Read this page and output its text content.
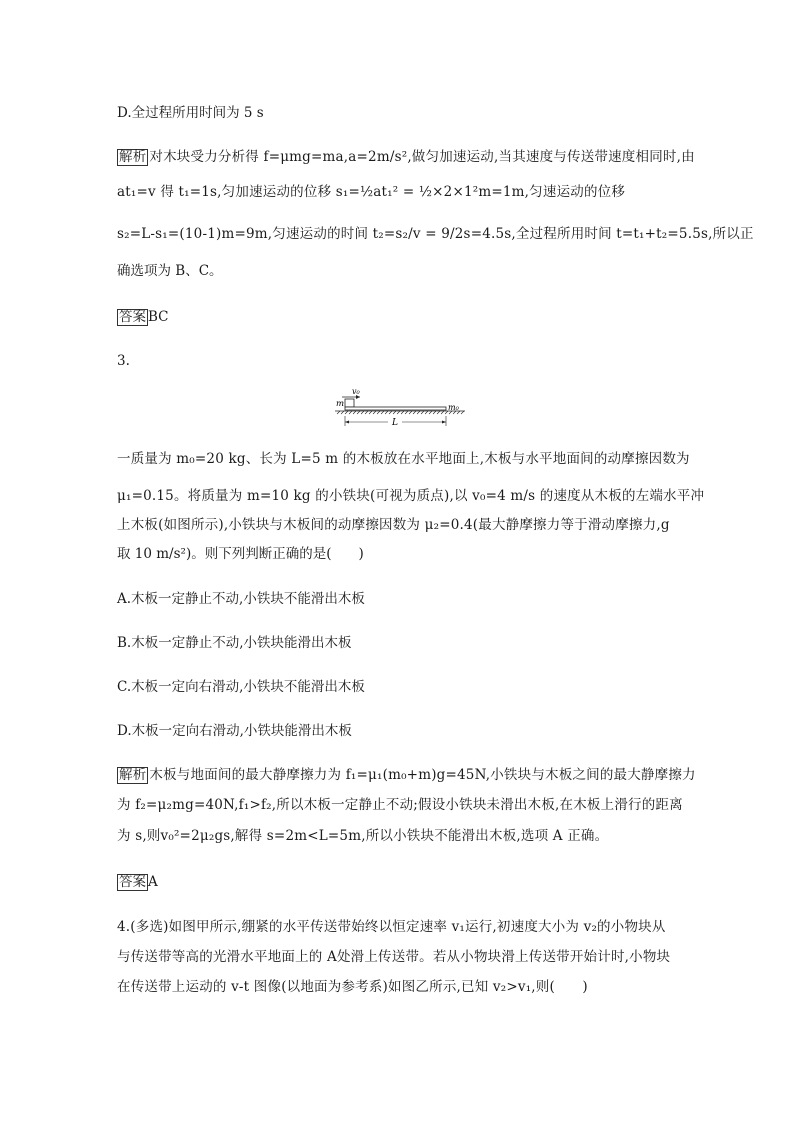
D.全过程所用时间为 5 s
解析 对木块受力分析得 f=μmg=ma,a=2m/s²,做匀加速运动,当其速度与传送带速度相同时,由
at₁=v 得 t₁=1s,匀加速运动的位移 s₁=½at₁² = ½×2×1²m=1m,匀速运动的位移
s₂=L-s₁=(10-1)m=9m,匀速运动的时间 t₂=s₂/v = 9/2s=4.5s,全过程所用时间 t=t₁+t₂=5.5s,所以正
确选项为 B、C。
答案 BC
3.
v₀
m	m₀
L
一质量为 m₀=20 kg、长为 L=5 m 的木板放在水平地面上,木板与水平地面间的动摩擦因数为
μ₁=0.15。将质量为 m=10 kg 的小铁块(可视为质点),以 v₀=4 m/s 的速度从木板的左端水平冲
上木板(如图所示),小铁块与木板间的动摩擦因数为 μ₂=0.4(最大静摩擦力等于滑动摩擦力,g
取 10 m/s²)。则下列判断正确的是(　　)
A.木板一定静止不动,小铁块不能滑出木板
B.木板一定静止不动,小铁块能滑出木板
C.木板一定向右滑动,小铁块不能滑出木板
D.木板一定向右滑动,小铁块能滑出木板
解析 木板与地面间的最大静摩擦力为 f₁=μ₁(m₀+m)g=45N,小铁块与木板之间的最大静摩擦力
为 f₂=μ₂mg=40N,f₁>f₂,所以木板一定静止不动;假设小铁块未滑出木板,在木板上滑行的距离
为 s,则v₀²=2μ₂gs,解得 s=2m<L=5m,所以小铁块不能滑出木板,选项 A 正确。
答案 A
4.(多选)如图甲所示,绷紧的水平传送带始终以恒定速率 v₁运行,初速度大小为 v₂的小物块从
与传送带等高的光滑水平地面上的 A处滑上传送带。若从小物块滑上传送带开始计时,小物块
在传送带上运动的 v-t 图像(以地面为参考系)如图乙所示,已知 v₂>v₁,则(　　)
